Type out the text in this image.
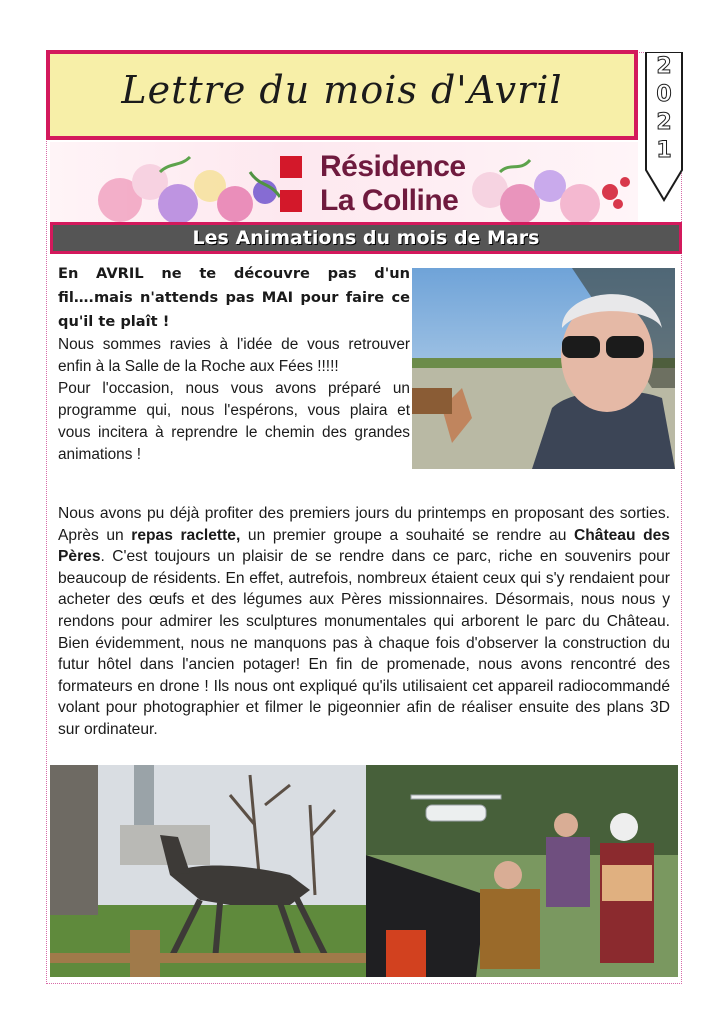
Lettre du mois d'Avril
2
0
2
1
Résidence
La Colline
Les Animations du mois de Mars

En AVRIL ne te découvre pas d'un fil….mais n'attends pas MAI pour faire ce qu'il te plaît !

Nous sommes ravies à l'idée de vous retrouver enfin à la Salle de la Roche aux Fées !!!!!

Pour l'occasion, nous vous avons préparé un programme qui, nous l'espérons, vous plaira et vous incitera à reprendre le chemin des grandes animations !

Nous avons pu déjà profiter des premiers jours du printemps en proposant des sorties. Après un repas raclette, un premier groupe a souhaité se rendre au Château des Pères. C'est toujours un plaisir de se rendre dans ce parc, riche en souvenirs pour beaucoup de résidents. En effet, autrefois, nombreux étaient ceux qui s'y rendaient pour acheter des œufs et des légumes aux Pères missionnaires. Désormais, nous nous y rendons pour admirer les sculptures monumentales qui arborent le parc du Château. Bien évidemment, nous ne manquons pas à chaque fois d'observer la construction du futur hôtel dans l'ancien potager! En fin de promenade, nous avons rencontré des formateurs en drone ! Ils nous ont expliqué qu'ils utilisaient cet appareil radiocommandé volant pour photographier et filmer le pigeonnier afin de réaliser ensuite des plans 3D sur ordinateur.
